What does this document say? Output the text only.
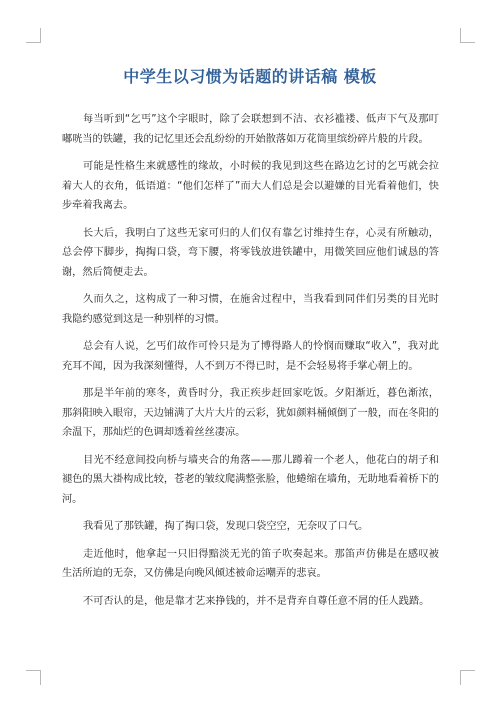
中学生以习惯为话题的讲话稿 模板

每当听到“乞丐”这个字眼时，除了会联想到不洁、衣衫褴褛、低声下气及那叮嘟咣当的铁罐，我的记忆里还会乱纷纷的开始散落如万花筒里缤纷碎片般的片段。

可能是性格生来就感性的缘故，小时候的我见到这些在路边乞讨的乞丐就会拉着大人的衣角，低语道：“他们怎样了”而大人们总是会以避嫌的目光看着他们，快步牵着我离去。

长大后，我明白了这些无家可归的人们仅有靠乞讨维持生存，心灵有所触动，总会停下脚步，掏掏口袋，弯下腰，将零钱放进铁罐中，用微笑回应他们诚恳的答谢，然后简便走去。

久而久之，这构成了一种习惯，在施舍过程中，当我看到同伴们另类的目光时我隐约感觉到这是一种别样的习惯。

总会有人说，乞丐们故作可怜只是为了博得路人的怜悯而赚取“收入”，我对此充耳不闻，因为我深刻懂得，人不到万不得已时，是不会轻易将手掌心朝上的。

那是半年前的寒冬，黄昏时分，我正疾步赶回家吃饭。夕阳渐近，暮色渐浓，那斜阳映入眼帘，天边铺满了大片大片的云彩，犹如颜料桶倾倒了一般，而在冬阳的余温下，那灿烂的色调却透着丝丝凄凉。

目光不经意间投向桥与墙夹合的角落——那儿蹲着一个老人，他花白的胡子和褪色的黑大褂构成比较，苍老的皱纹爬满整张脸，他蜷缩在墙角，无助地看着桥下的河。

我看见了那铁罐，掏了掏口袋，发现口袋空空，无奈叹了口气。

走近他时，他拿起一只旧得黯淡无光的笛子吹奏起来。那笛声仿佛是在感叹被生活所迫的无奈，又仿佛是向晚风倾述被命运嘲弄的悲哀。

不可否认的是，他是靠才艺来挣钱的，并不是背弃自尊任意不屑的任人践踏。
